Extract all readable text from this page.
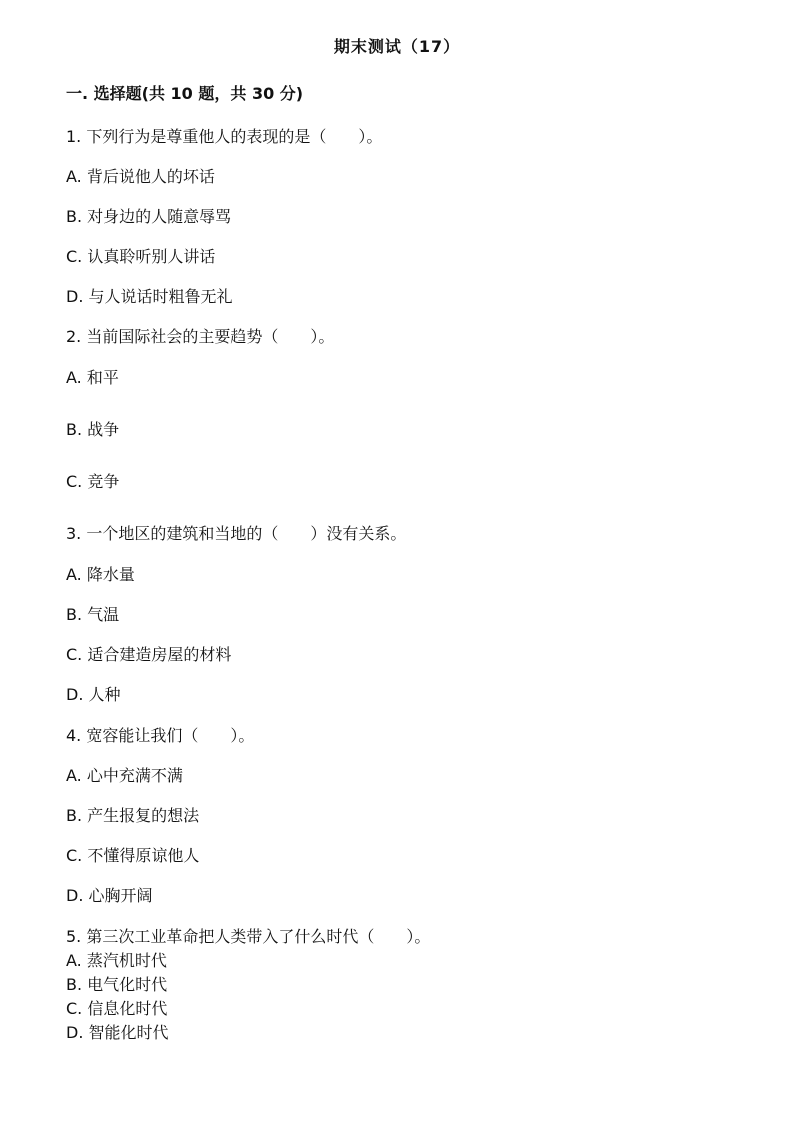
期末测试（17）
一. 选择题(共 10 题，共 30 分)
1. 下列行为是尊重他人的表现的是（　　）。
A. 背后说他人的坏话
B. 对身边的人随意辱骂
C. 认真聆听别人讲话
D. 与人说话时粗鲁无礼
2. 当前国际社会的主要趋势（　　）。
A. 和平
B. 战争
C. 竞争
3. 一个地区的建筑和当地的（　　）没有关系。
A. 降水量
B. 气温
C. 适合建造房屋的材料
D. 人种
4. 宽容能让我们（　　）。
A. 心中充满不满
B. 产生报复的想法
C. 不懂得原谅他人
D. 心胸开阔
5. 第三次工业革命把人类带入了什么时代（　　）。
A. 蒸汽机时代
B. 电气化时代
C. 信息化时代
D. 智能化时代
